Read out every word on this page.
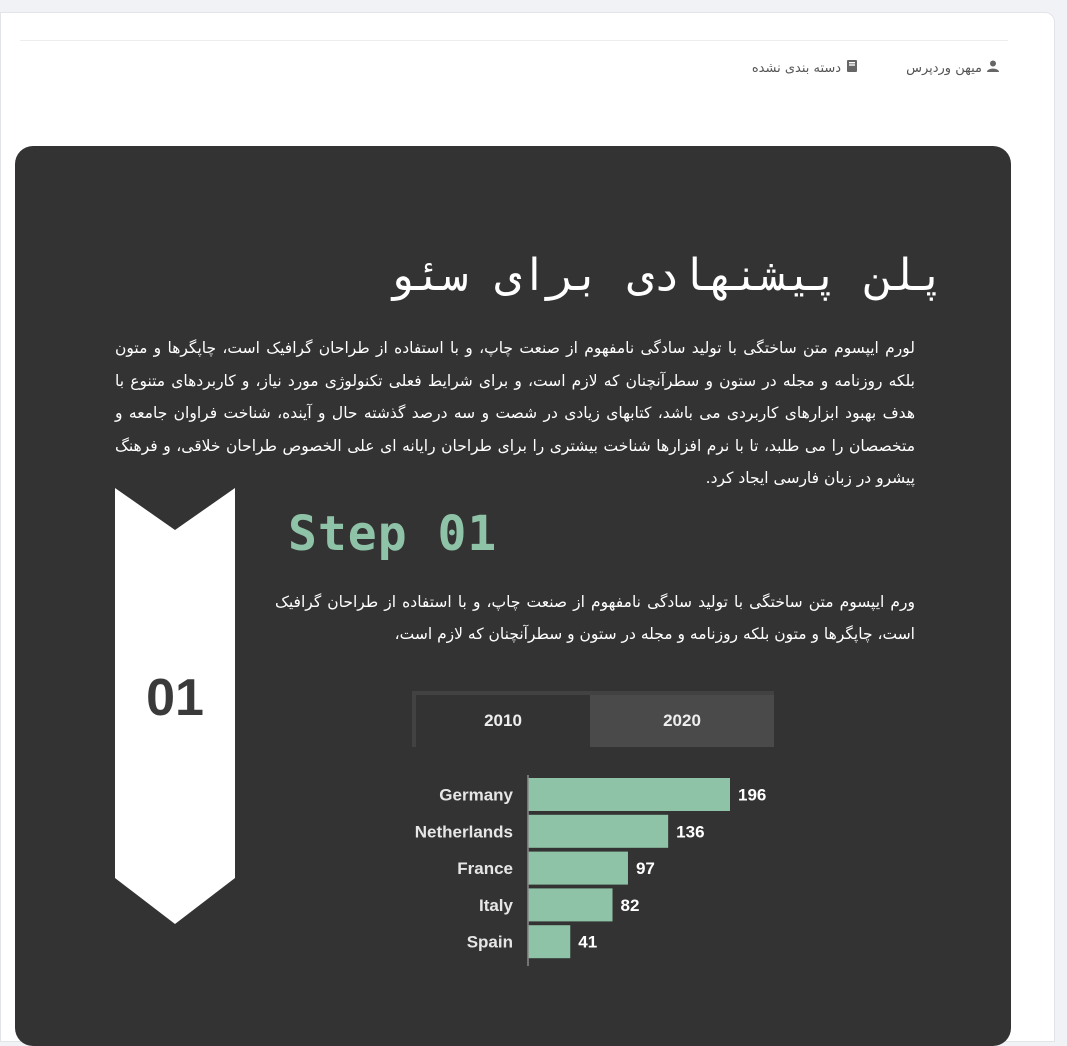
میهن وردپرس
دسته بندی نشده
پلن پیشنهادی برای سئو

لورم ایپسوم متن ساختگی با تولید سادگی نامفهوم از صنعت چاپ، و با استفاده از طراحان گرافیک است، چاپگرها و متون بلکه روزنامه و مجله در ستون و سطرآنچنان که لازم است، و برای شرایط فعلی تکنولوژی مورد نیاز، و کاربردهای متنوع با هدف بهبود ابزارهای کاربردی می باشد، کتابهای زیادی در شصت و سه درصد گذشته حال و آینده، شناخت فراوان جامعه و متخصصان را می طلبد، تا با نرم افزارها شناخت بیشتری را برای طراحان رایانه ای علی الخصوص طراحان خلاقی، و فرهنگ پیشرو در زبان فارسی ایجاد کرد.

01
Step 01

ورم ایپسوم متن ساختگی با تولید سادگی نامفهوم از صنعت چاپ، و با استفاده از طراحان گرافیک است، چاپگرها و متون بلکه روزنامه و مجله در ستون و سطرآنچنان که لازم است،

2010	2020
Germany	196
Netherlands	136
France	97
Italy	82
Spain	41
